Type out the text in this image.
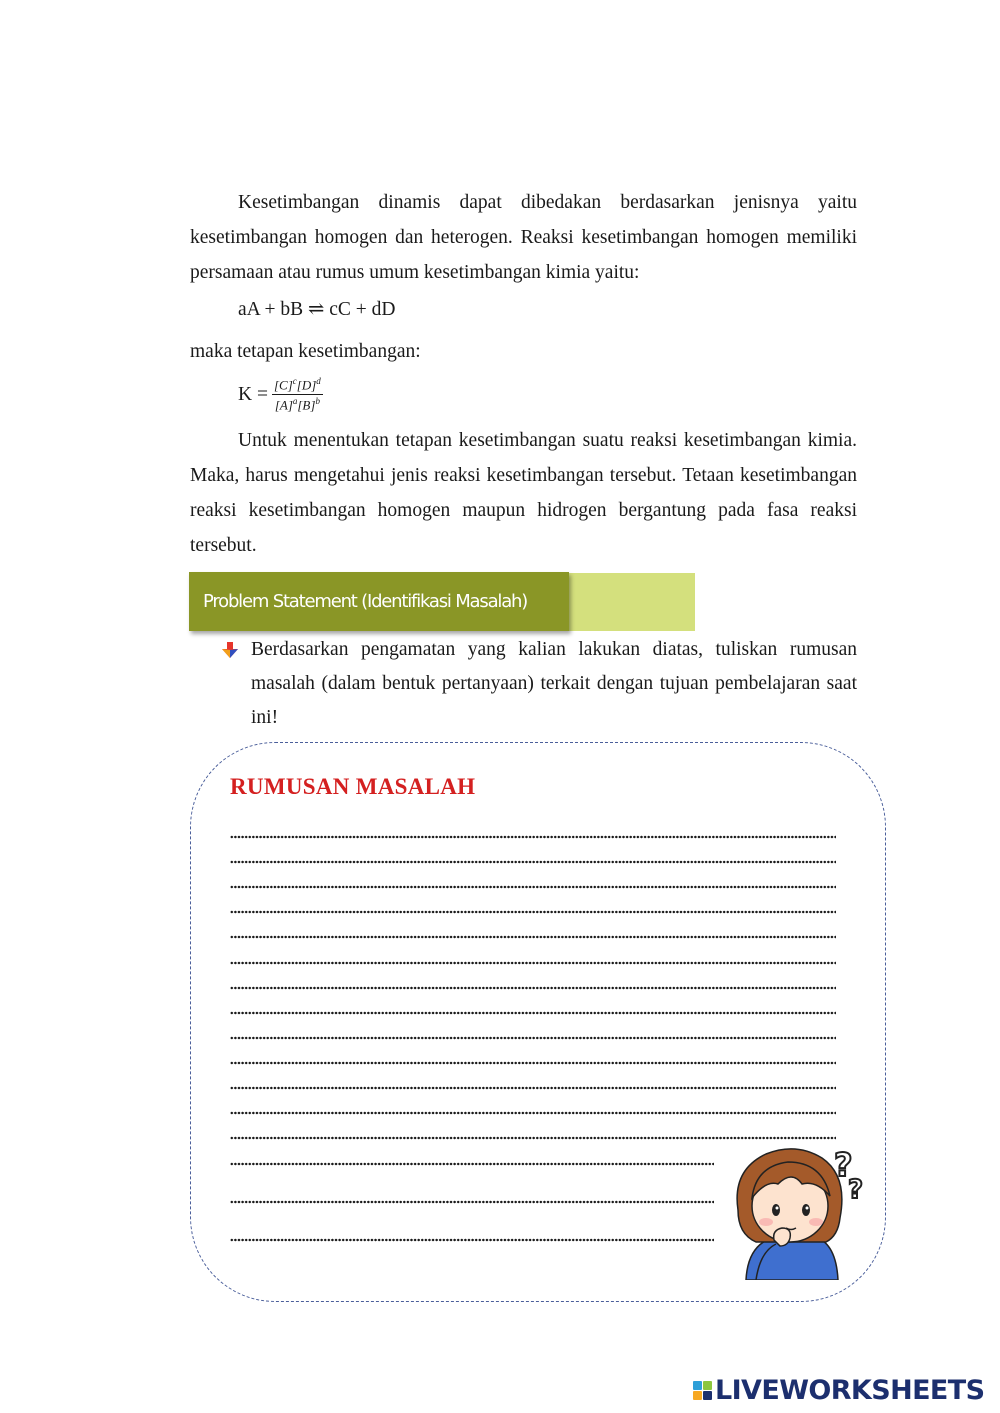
Kesetimbangan dinamis dapat dibedakan berdasarkan jenisnya yaitu kesetimbangan homogen dan heterogen. Reaksi kesetimbangan homogen memiliki persamaan atau rumus umum kesetimbangan kimia yaitu:

aA + bB ⇌ cC + dD
maka tetapan kesetimbangan:
$K = \frac{[C]^c[D]^d}{[A]^a[B]^b}$

Untuk menentukan tetapan kesetimbangan suatu reaksi kesetimbangan kimia. Maka, harus mengetahui jenis reaksi kesetimbangan tersebut. Tetaan kesetimbangan reaksi kesetimbangan homogen maupun hidrogen bergantung pada fasa reaksi tersebut.

Problem Statement (Identifikasi Masalah)

Berdasarkan pengamatan yang kalian lakukan diatas, tuliskan rumusan masalah (dalam bentuk pertanyaan) terkait dengan tujuan pembelajaran saat ini!

RUMUSAN MASALAH
?
?
LIVEWORKSHEETS
